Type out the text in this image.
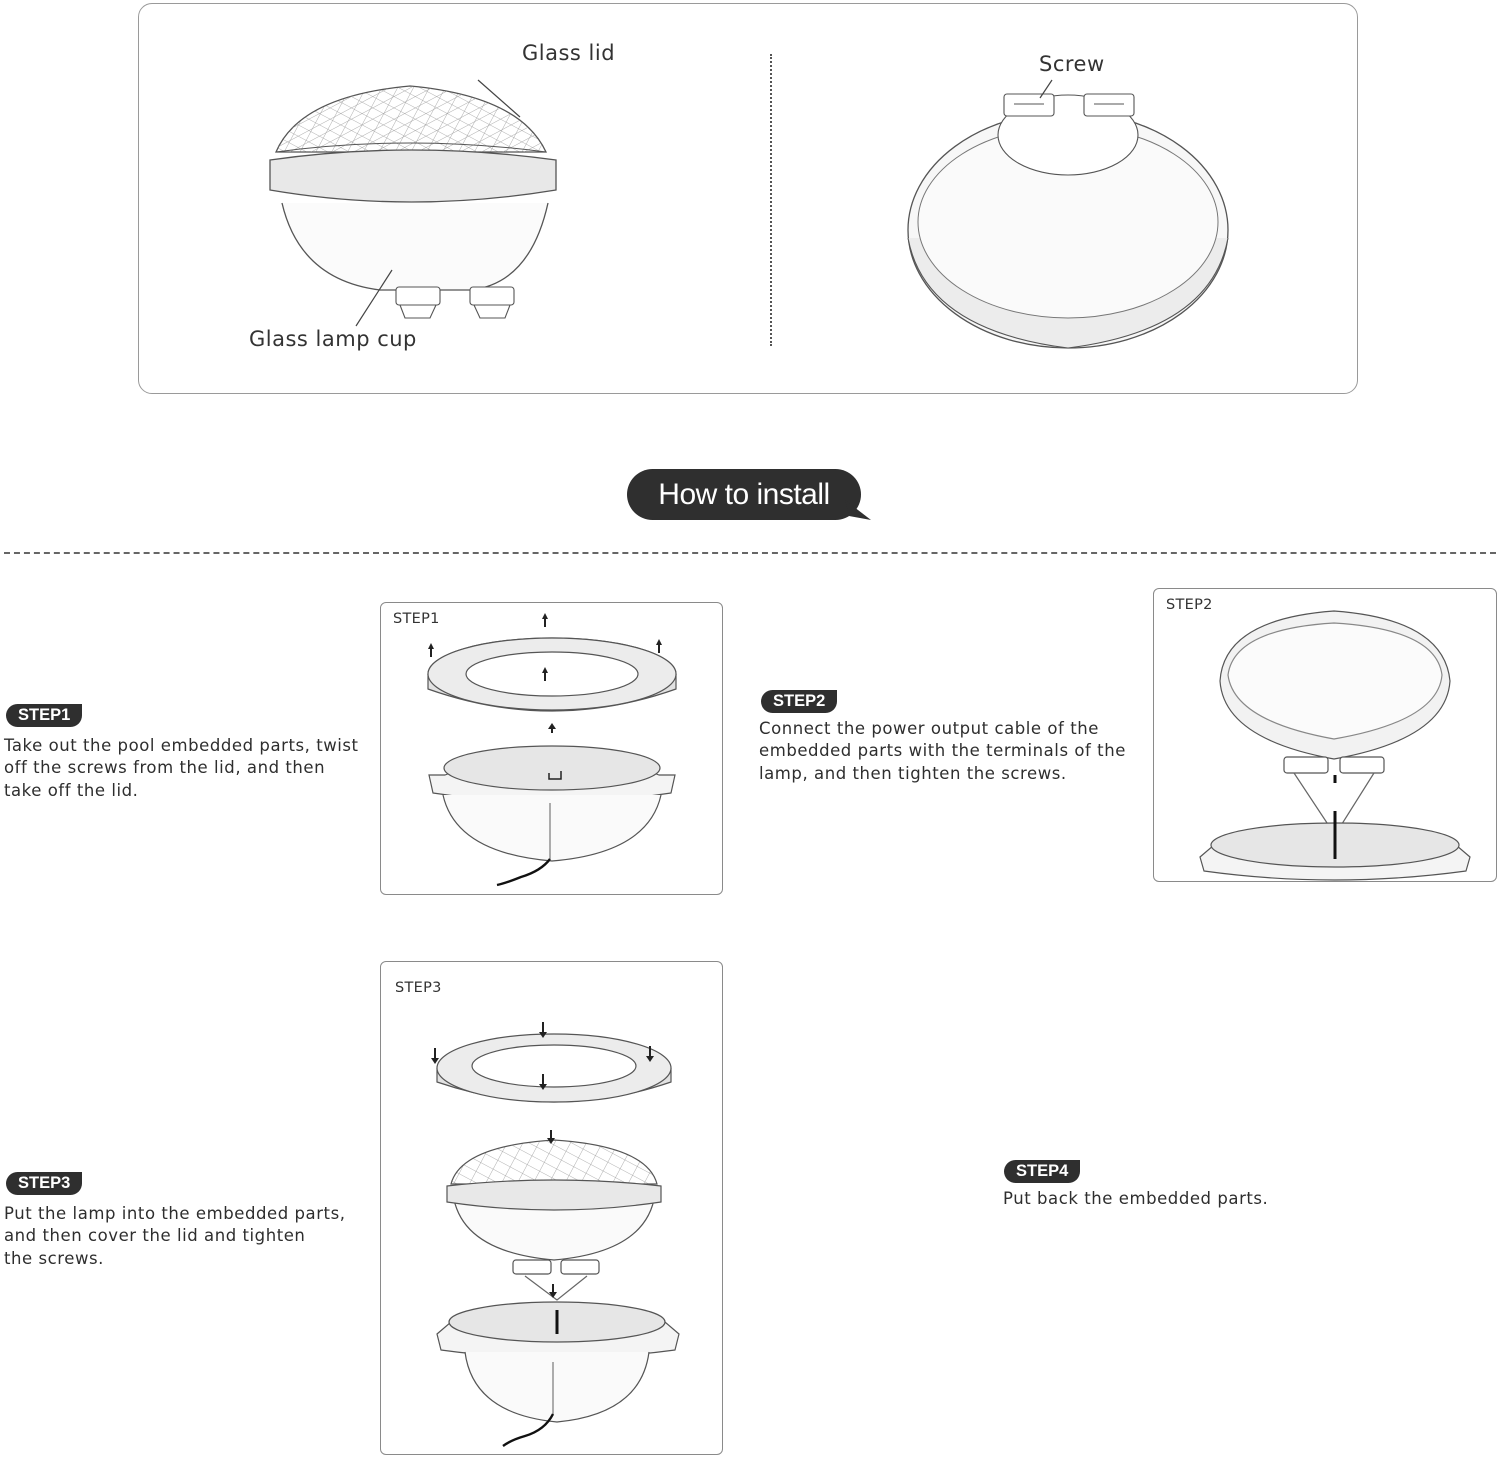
Glass lid
Glass lamp cup
Screw
How to install
STEP1
STEP2
STEP3
STEP1
Take out the pool embedded parts, twist
off the screws from the lid, and then
take off the lid.
STEP2
Connect the power output cable of the
embedded parts with the terminals of the
lamp, and then tighten the screws.
STEP3
Put the lamp into the embedded parts,
and then cover the lid and tighten
the screws.
STEP4
Put back the embedded parts.
